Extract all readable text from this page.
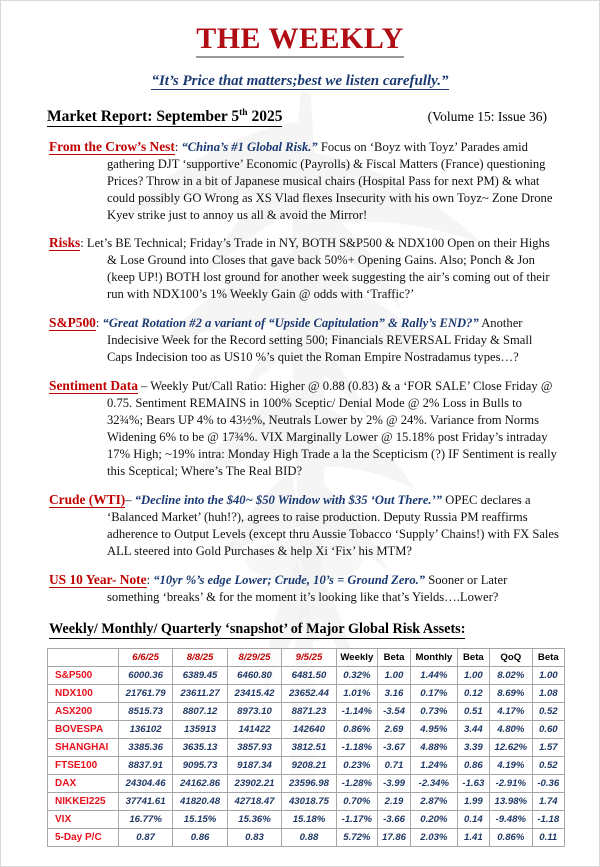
THE WEEKLY
“It’s Price that matters;best we listen carefully.”
Market Report: September 5th 2025	(Volume 15: Issue 36)

From the Crow’s Nest: “China’s #1 Global Risk.” Focus on ‘Boyz with Toyz’ Parades amid gathering DJT ‘supportive’ Economic (Payrolls) & Fiscal Matters (France) questioning Prices? Throw in a bit of Japanese musical chairs (Hospital Pass for next PM) & what could possibly GO Wrong as XS Vlad flexes Insecurity with his own Toyz~ Zone Drone Kyev strike just to annoy us all & avoid the Mirror!

Risks: Let’s BE Technical; Friday’s Trade in NY, BOTH S&P500 & NDX100 Open on their Highs & Lose Ground into Closes that gave back 50%+ Opening Gains. Also; Ponch & Jon (keep UP!) BOTH lost ground for another week suggesting the air’s coming out of their run with NDX100’s 1% Weekly Gain @ odds with ‘Traffic?’

S&P500: “Great Rotation #2 a variant of “Upside Capitulation” & Rally’s END?” Another Indecisive Week for the Record setting 500; Financials REVERSAL Friday & Small Caps Indecision too as US10 %’s quiet the Roman Empire Nostradamus types…?

Sentiment Data – Weekly Put/Call Ratio: Higher @ 0.88 (0.83) & a ‘FOR SALE’ Close Friday @ 0.75. Sentiment REMAINS in 100% Sceptic/ Denial Mode @ 2% Loss in Bulls to 32¾%; Bears UP 4% to 43½%, Neutrals Lower by 2% @ 24%. Variance from Norms Widening 6% to be @ 17¾%. VIX Marginally Lower @ 15.18% post Friday’s intraday 17% High; ~19% intra: Monday High Trade a la the Scepticism (?) IF Sentiment is really this Sceptical; Where’s The Real BID?

Crude (WTI)– “Decline into the $40~ $50 Window with $35 ‘Out There.’” OPEC declares a ‘Balanced Market’ (huh!?), agrees to raise production. Deputy Russia PM reaffirms adherence to Output Levels (except thru Aussie Tobacco ‘Supply’ Chains!) with FX Sales ALL steered into Gold Purchases & help Xi ‘Fix’ his MTM?

US 10 Year- Note: “10yr %’s edge Lower; Crude, 10’s = Ground Zero.” Sooner or Later something ‘breaks’ & for the moment it’s looking like that’s Yields….Lower?

Weekly/ Monthly/ Quarterly ‘snapshot’ of Major Global Risk Assets:
	6/6/25	8/8/25	8/29/25	9/5/25	Weekly	Beta	Monthly	Beta	QoQ	Beta
S&P500	6000.36	6389.45	6460.80	6481.50	0.32%	1.00	1.44%	1.00	8.02%	1.00
NDX100	21761.79	23611.27	23415.42	23652.44	1.01%	3.16	0.17%	0.12	8.69%	1.08
ASX200	8515.73	8807.12	8973.10	8871.23	-1.14%	-3.54	0.73%	0.51	4.17%	0.52
BOVESPA	136102	135913	141422	142640	0.86%	2.69	4.95%	3.44	4.80%	0.60
SHANGHAI	3385.36	3635.13	3857.93	3812.51	-1.18%	-3.67	4.88%	3.39	12.62%	1.57
FTSE100	8837.91	9095.73	9187.34	9208.21	0.23%	0.71	1.24%	0.86	4.19%	0.52
DAX	24304.46	24162.86	23902.21	23596.98	-1.28%	-3.99	-2.34%	-1.63	-2.91%	-0.36
NIKKEI225	37741.61	41820.48	42718.47	43018.75	0.70%	2.19	2.87%	1.99	13.98%	1.74
VIX	16.77%	15.15%	15.36%	15.18%	-1.17%	-3.66	0.20%	0.14	-9.48%	-1.18
5-Day P/C	0.87	0.86	0.83	0.88	5.72%	17.86	2.03%	1.41	0.86%	0.11
